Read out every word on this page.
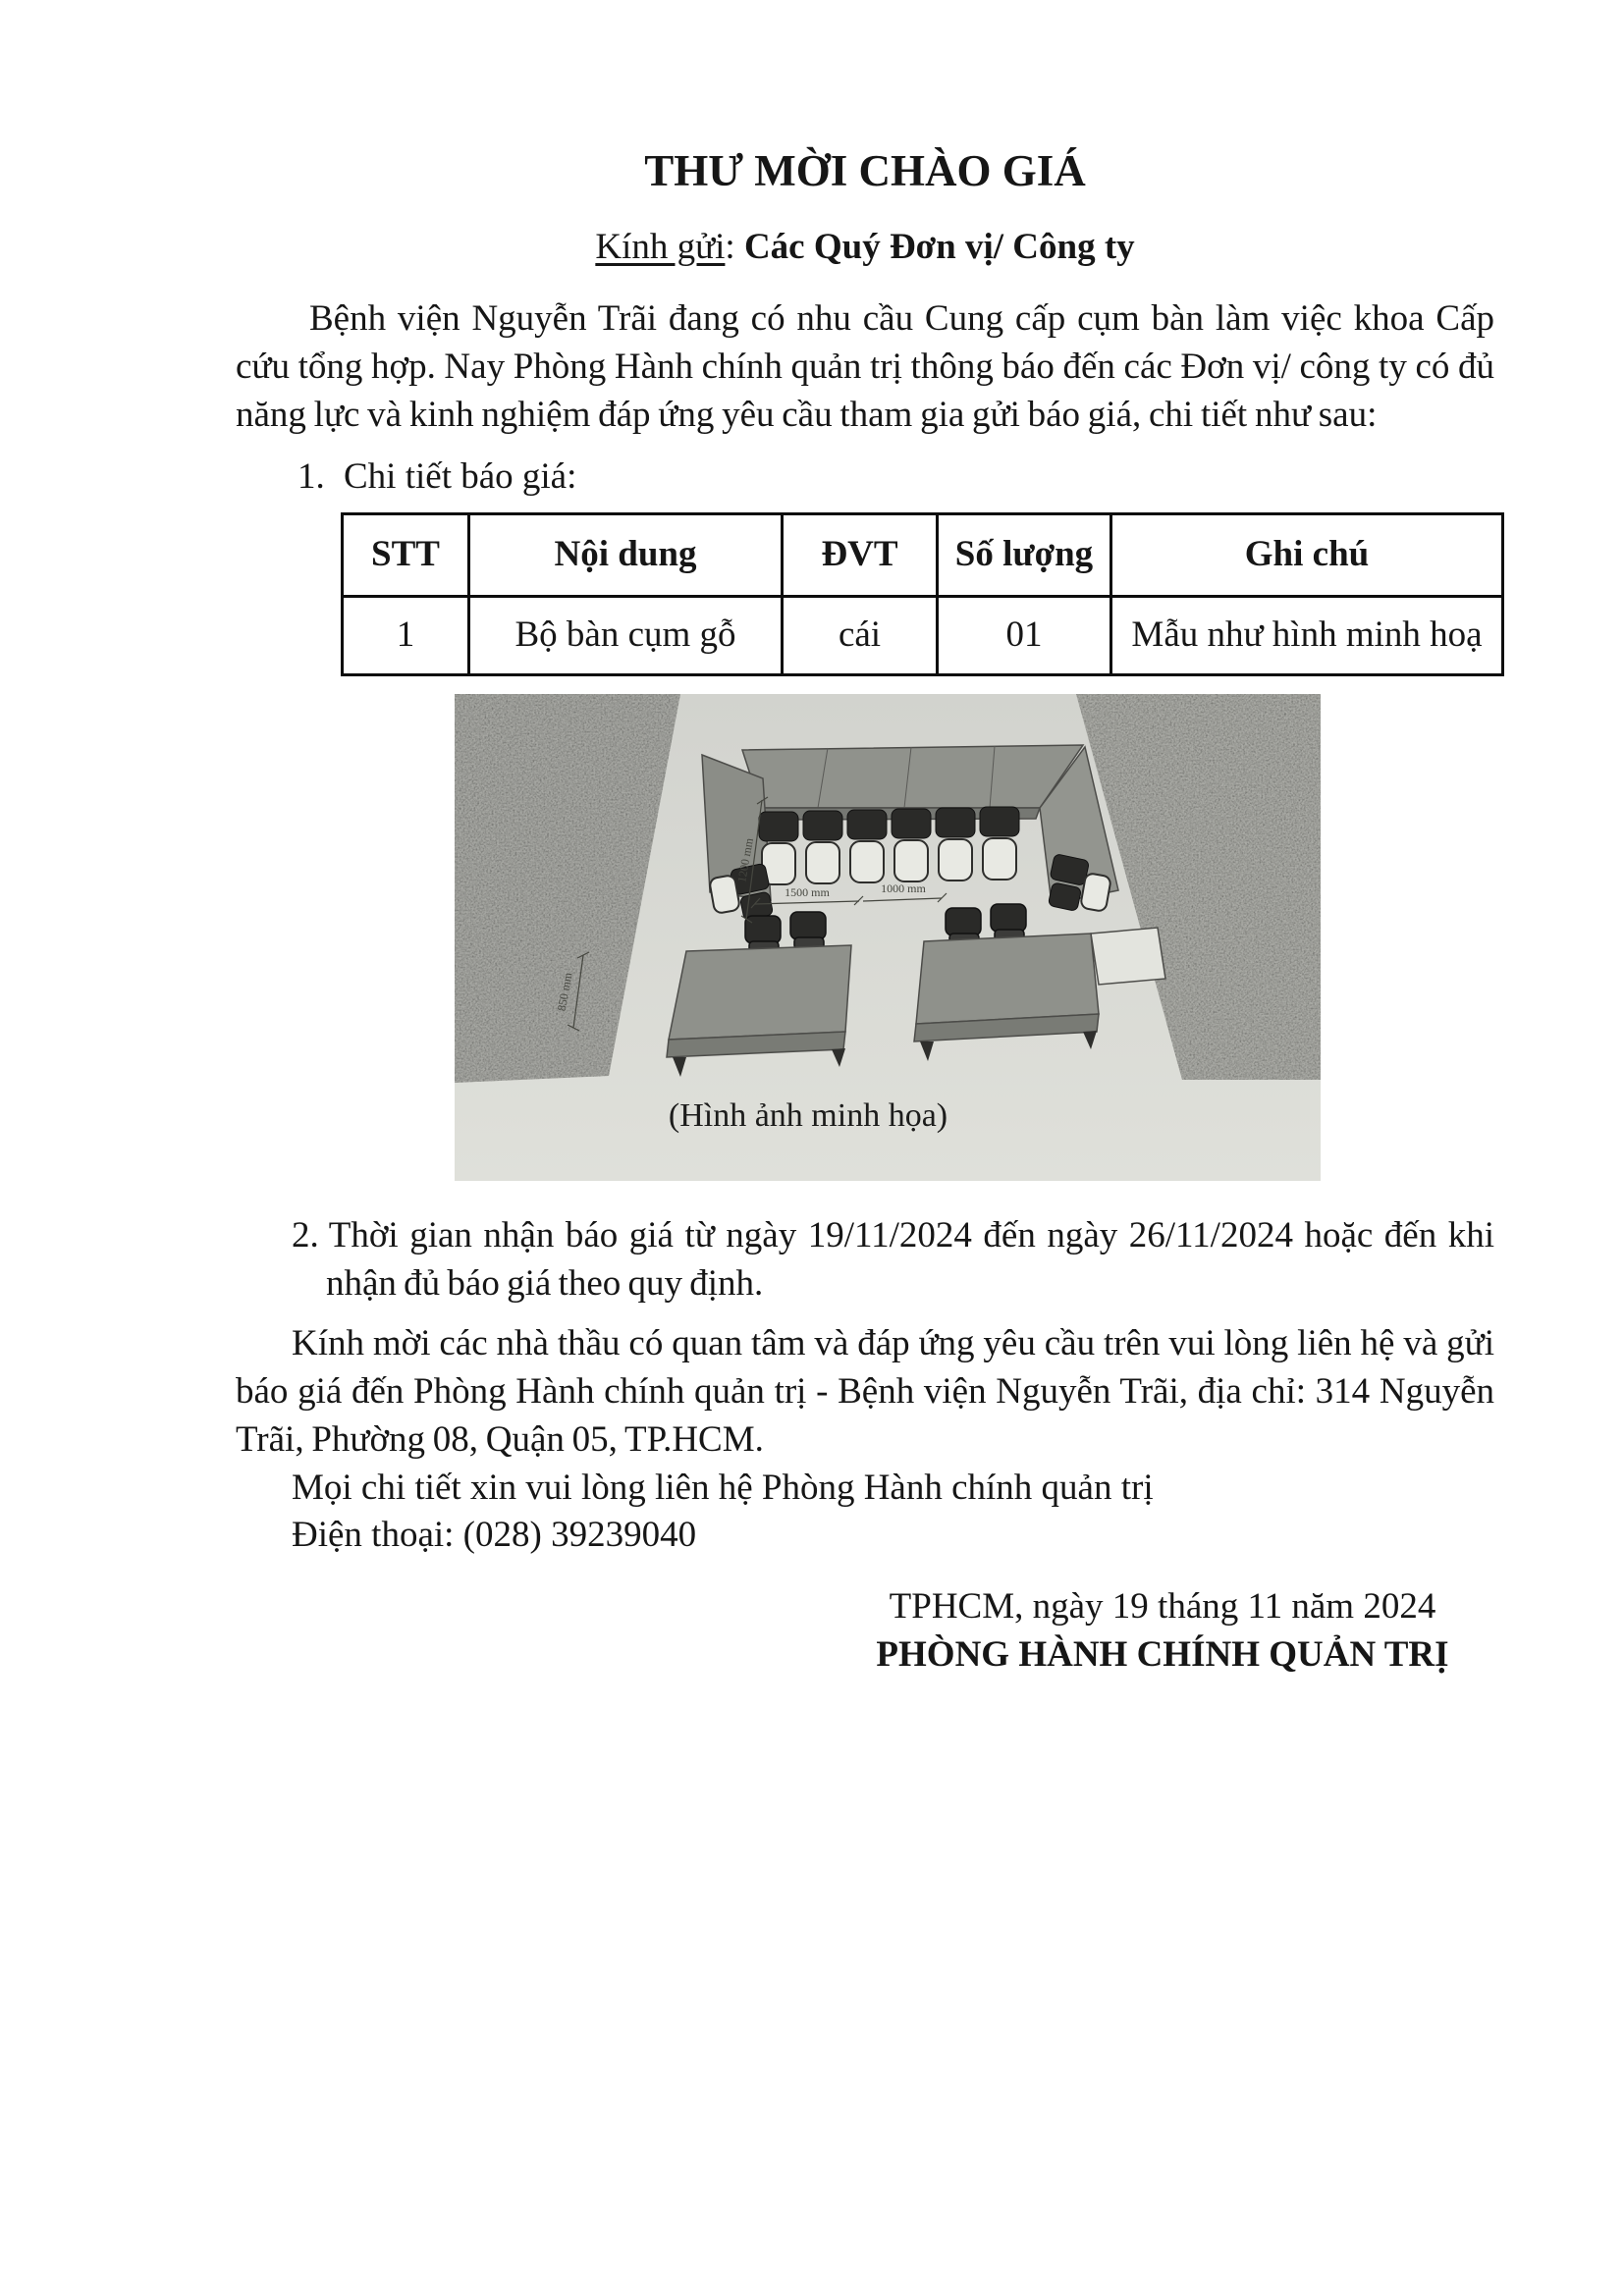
THƯ MỜI CHÀO GIÁ
Kính gửi: Các Quý Đơn vị/ Công ty
Bệnh viện Nguyễn Trãi đang có nhu cầu Cung cấp cụm bàn làm việc khoa Cấp cứu tổng hợp. Nay Phòng Hành chính quản trị thông báo đến các Đơn vị/ công ty có đủ năng lực và kinh nghiệm đáp ứng yêu cầu tham gia gửi báo giá, chi tiết như sau:
1. Chi tiết báo giá:
STT	Nội dung	ĐVT	Số lượng	Ghi chú
1	Bộ bàn cụm gỗ	cái	01	Mẫu như hình minh hoạ
1200 mm
1500 mm	1000 mm
850 mm
(Hình ảnh minh họa)
2. Thời gian nhận báo giá từ ngày 19/11/2024 đến ngày 26/11/2024 hoặc đến khi nhận đủ báo giá theo quy định.
Kính mời các nhà thầu có quan tâm và đáp ứng yêu cầu trên vui lòng liên hệ và gửi báo giá đến Phòng Hành chính quản trị - Bệnh viện Nguyễn Trãi, địa chỉ: 314 Nguyễn Trãi, Phường 08, Quận 05, TP.HCM.
Mọi chi tiết xin vui lòng liên hệ Phòng Hành chính quản trị
Điện thoại: (028) 39239040
TPHCM, ngày 19 tháng 11 năm 2024
PHÒNG HÀNH CHÍNH QUẢN TRỊ
